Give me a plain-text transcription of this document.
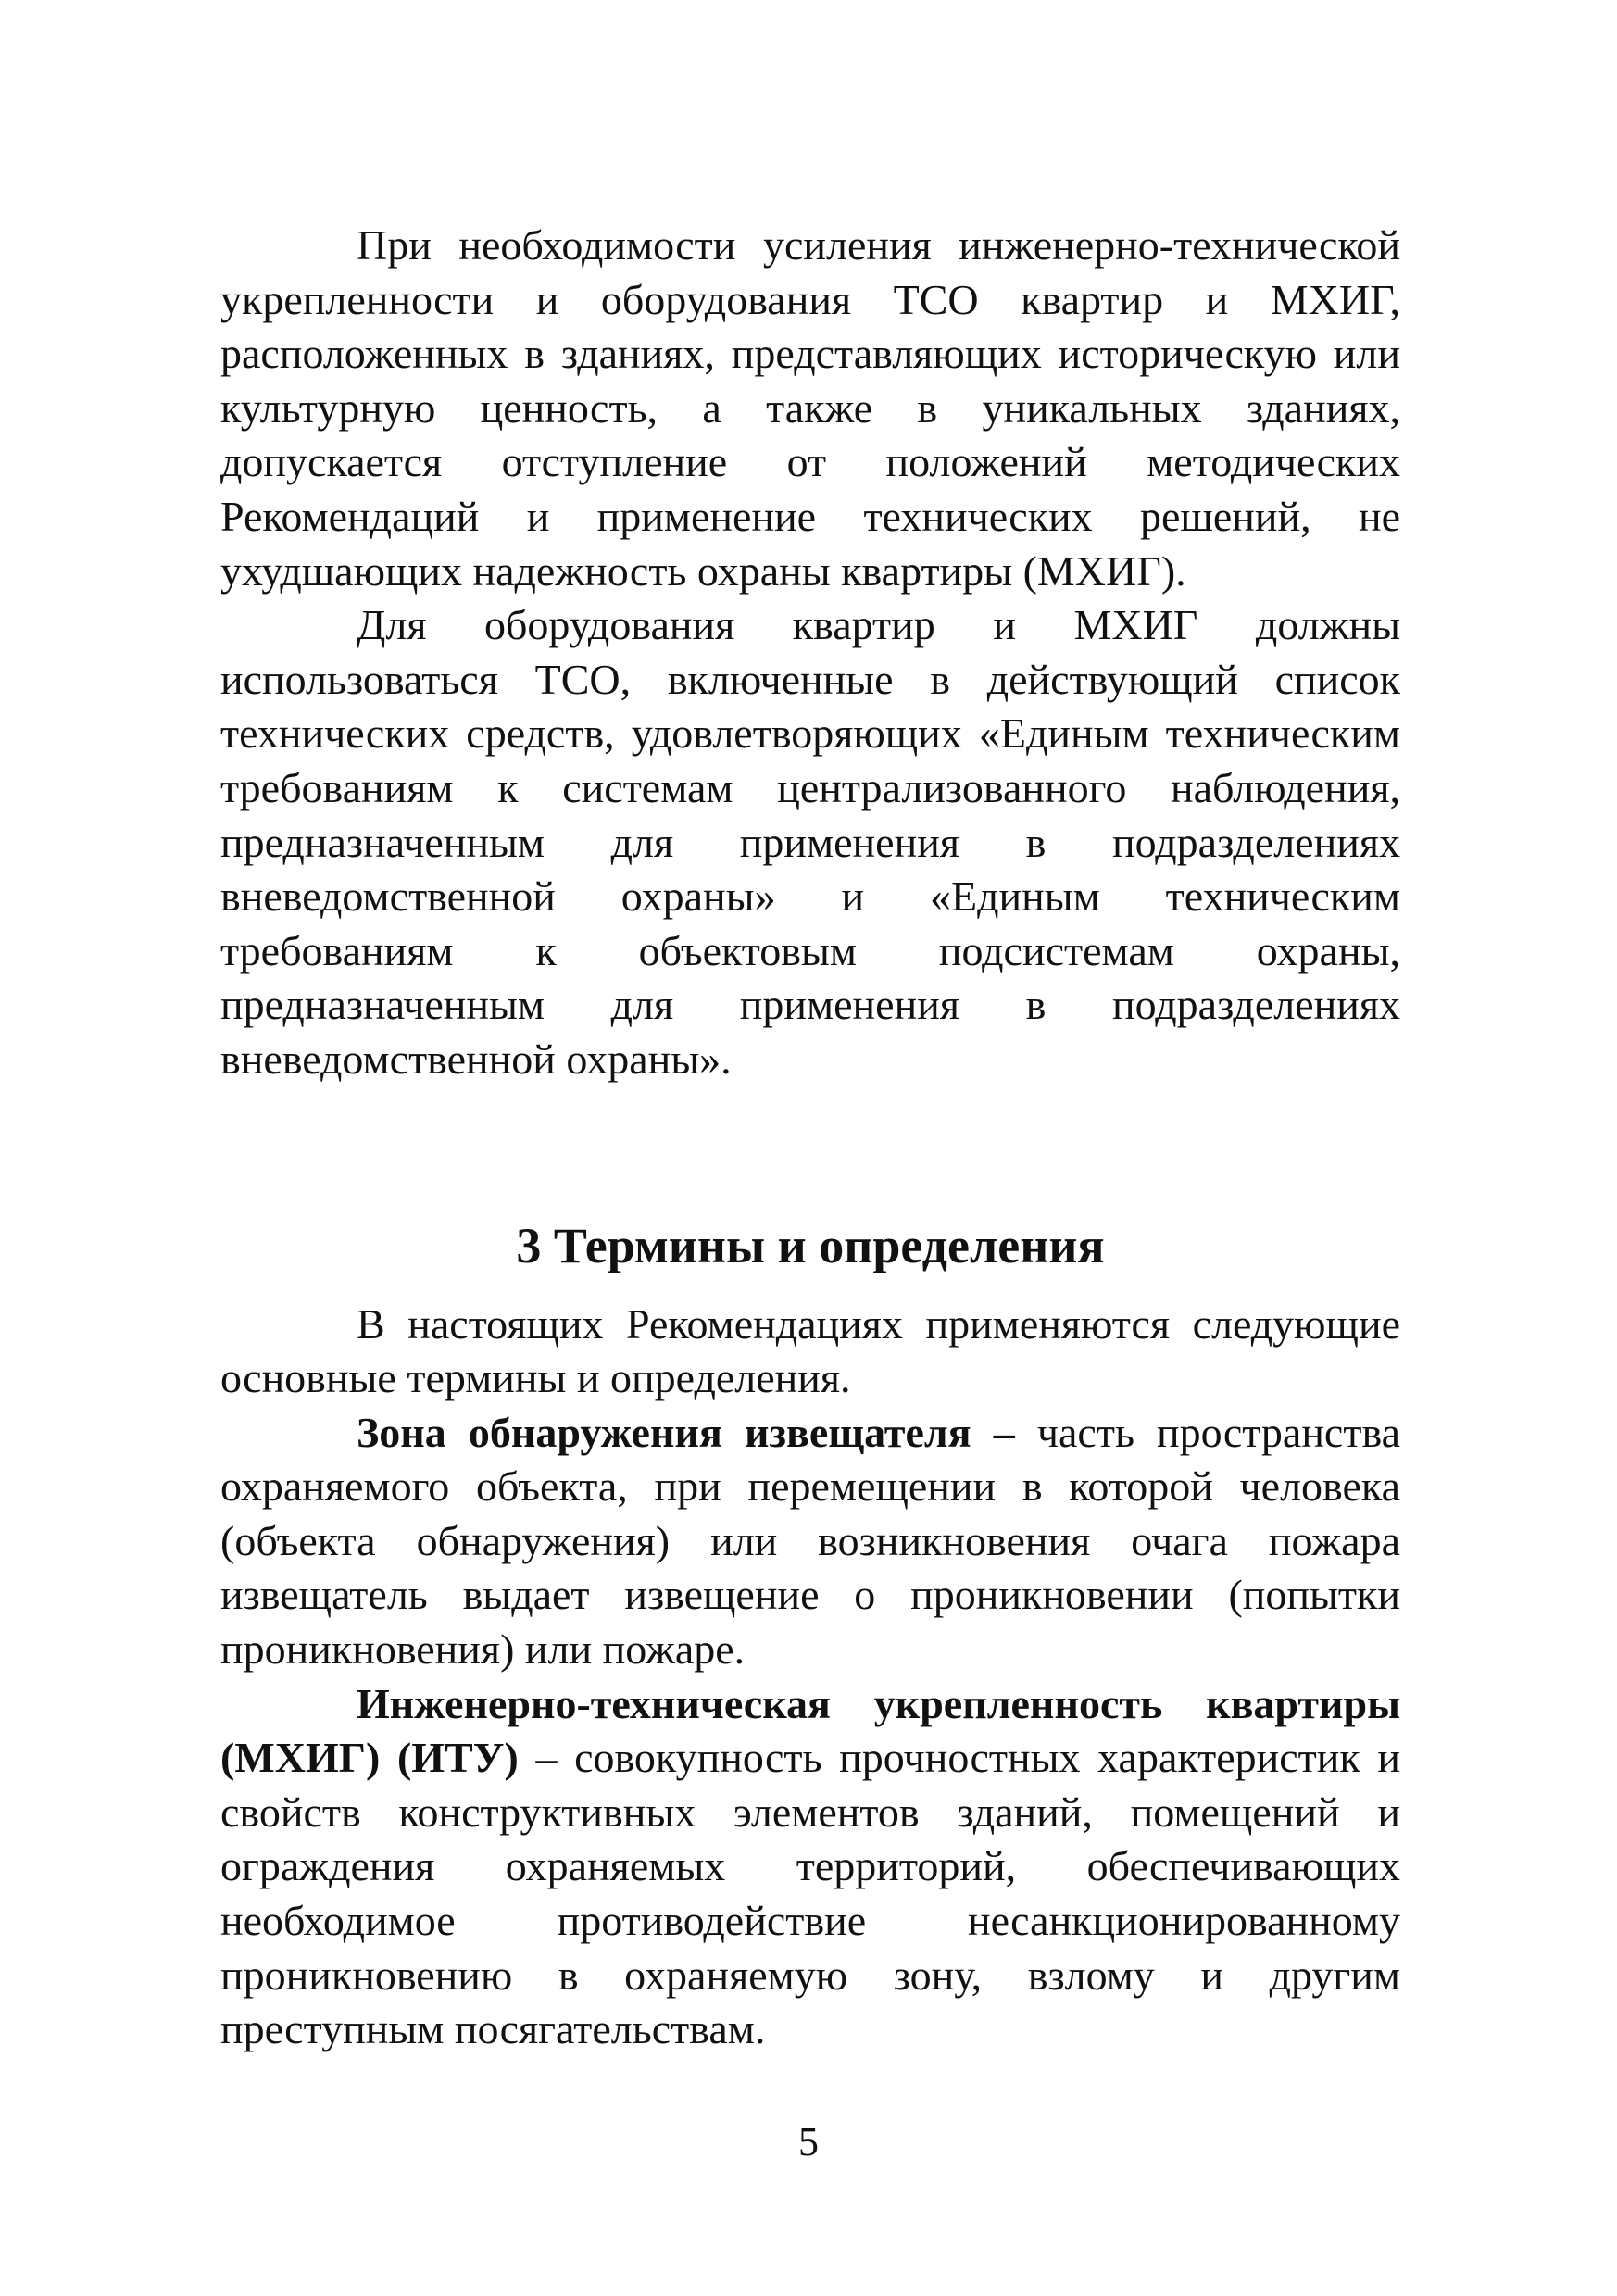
При необходимости усиления инженерно-технической укрепленности и оборудования ТСО квартир и МХИГ, расположенных в зданиях, представляющих историческую или культурную ценность, а также в уникальных зданиях, допускается отступление от положений методических Рекомендаций и применение технических решений, не ухудшающих надежность охраны квартиры (МХИГ).

Для оборудования квартир и МХИГ должны использоваться ТСО, включенные в действующий список технических средств, удовлетворяющих «Единым техническим требованиям к системам централизованного наблюдения, предназначенным для применения в подразделениях вневедомственной охраны» и «Единым техническим требованиям к объектовым подсистемам охраны, предназначенным для применения в подразделениях вневедомственной охраны».

3 Термины и определения

В настоящих Рекомендациях применяются следующие основные термины и определения.

Зона обнаружения извещателя – часть пространства охраняемого объекта, при перемещении в которой человека (объекта обнаружения) или возникновения очага пожара извещатель выдает извещение о проникновении (попытки проникновения) или пожаре.

Инженерно-техническая укрепленность квартиры (МХИГ) (ИТУ) – совокупность прочностных характеристик и свойств конструктивных элементов зданий, помещений и ограждения охраняемых территорий, обеспечивающих необходимое противодействие несанкционированному проникновению в охраняемую зону, взлому и другим преступным посягательствам.

5
